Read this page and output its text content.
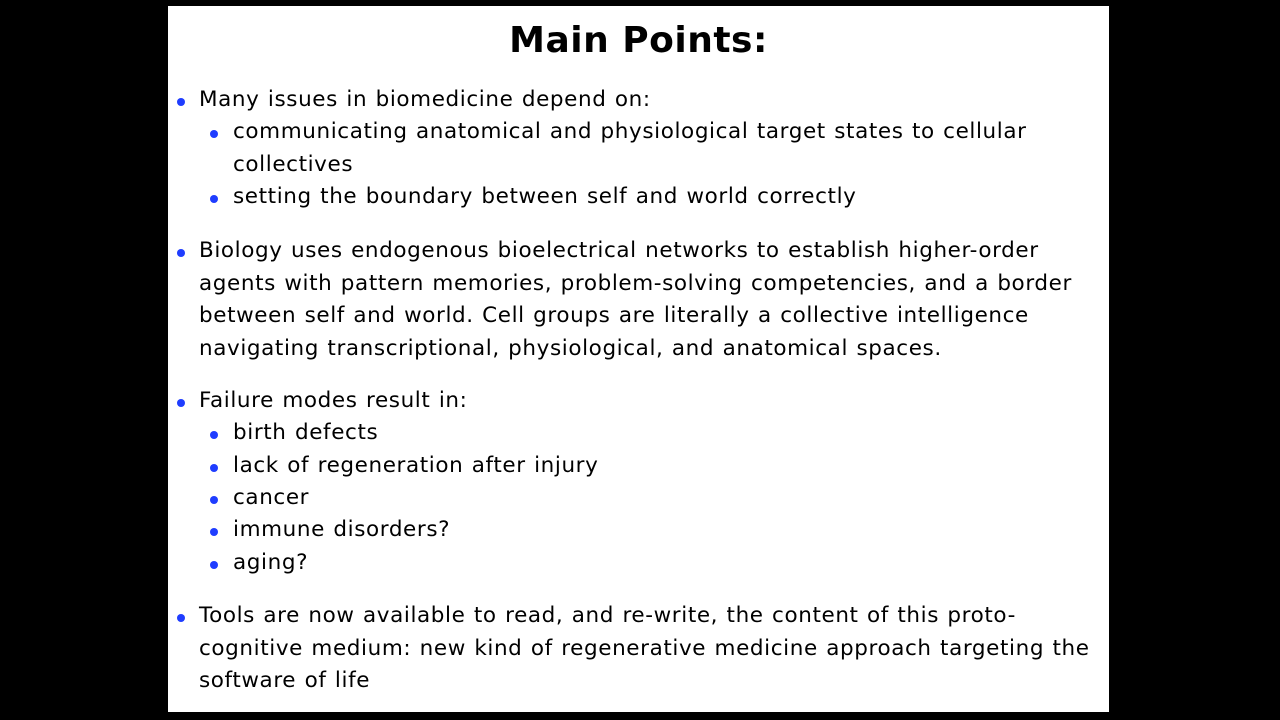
Main Points:
Many issues in biomedicine depend on:
communicating anatomical and physiological target states to cellular
collectives
setting the boundary between self and world correctly
Biology uses endogenous bioelectrical networks to establish higher-order
agents with pattern memories, problem-solving competencies, and a border
between self and world. Cell groups are literally a collective intelligence
navigating transcriptional, physiological, and anatomical spaces.
Failure modes result in:
birth defects
lack of regeneration after injury
cancer
immune disorders?
aging?
Tools are now available to read, and re-write, the content of this proto-
cognitive medium: new kind of regenerative medicine approach targeting the
software of life
